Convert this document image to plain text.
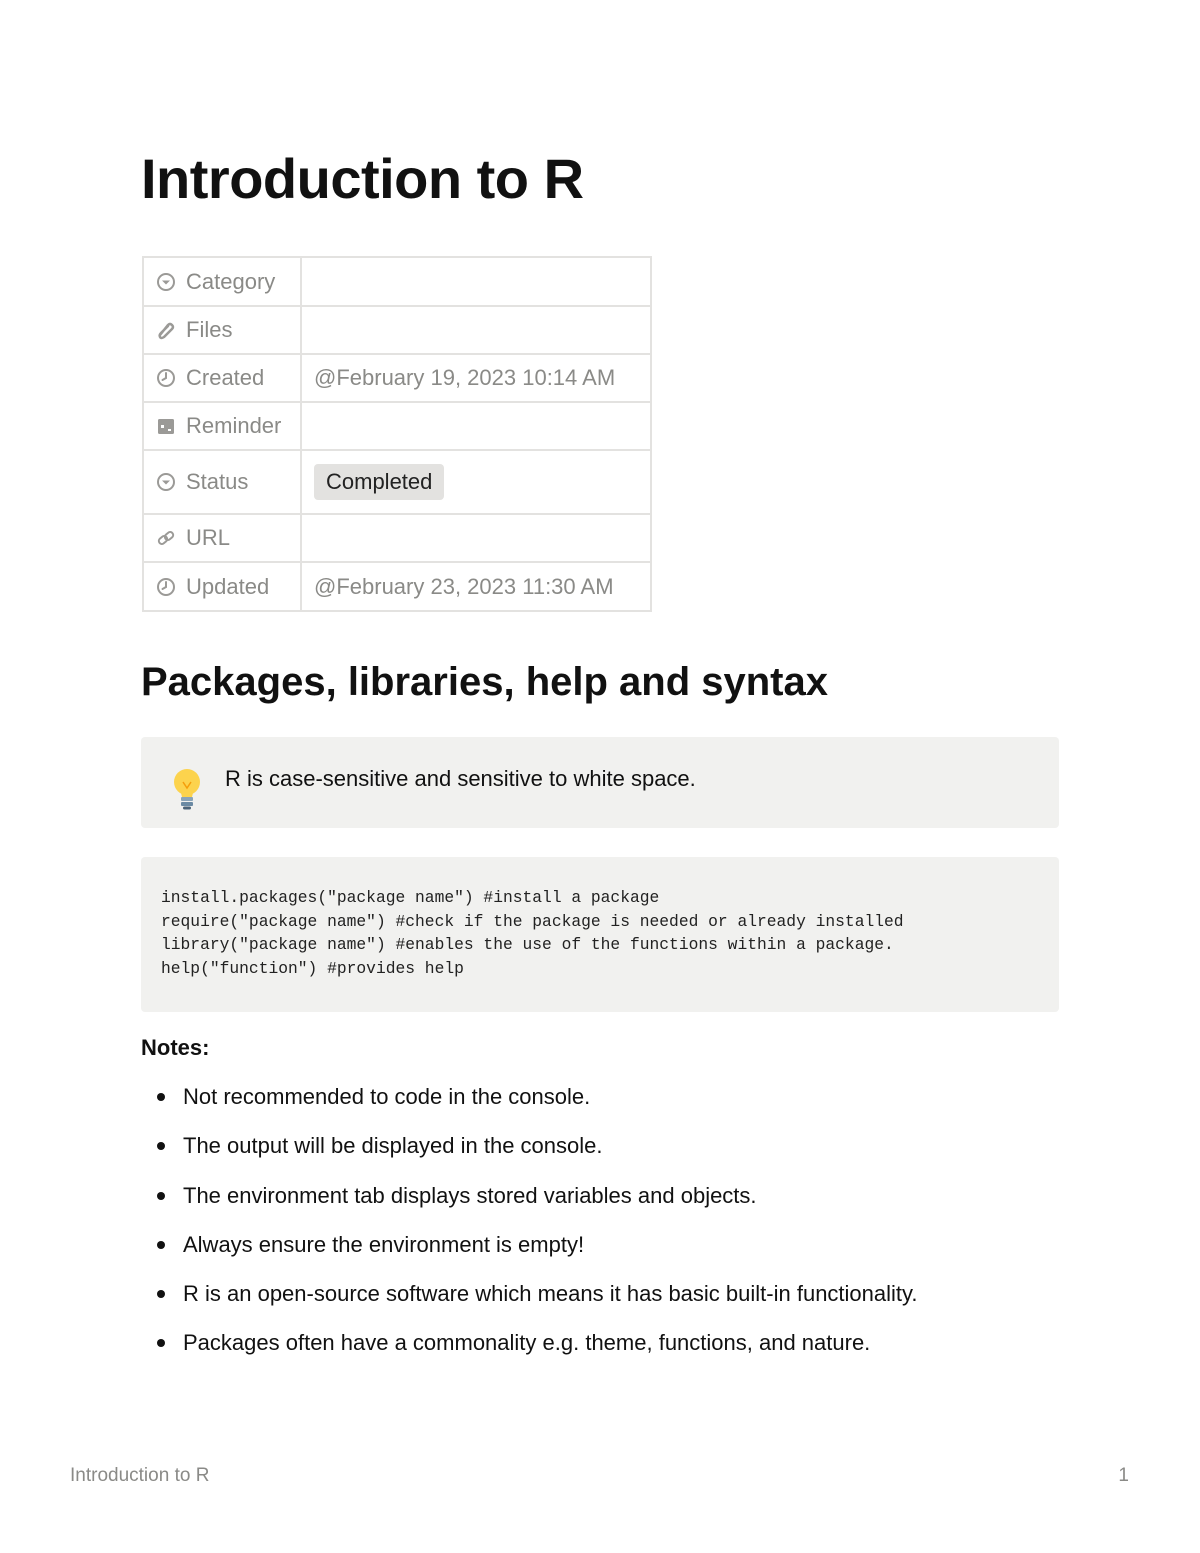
Introduction to R
Category	
Files	
Created	@February 19, 2023 10:14 AM
Reminder	
Status	Completed
URL	
Updated	@February 23, 2023 11:30 AM
Packages, libraries, help and syntax
R is case-sensitive and sensitive to white space.
install.packages("package name") #install a package
require("package name") #check if the package is needed or already installed
library("package name") #enables the use of the functions within a package.
help("function") #provides help
Notes:
Not recommended to code in the console.
The output will be displayed in the console.
The environment tab displays stored variables and objects.
Always ensure the environment is empty!
R is an open-source software which means it has basic built-in functionality.
Packages often have a commonality e.g. theme, functions, and nature.
Introduction to R	1
